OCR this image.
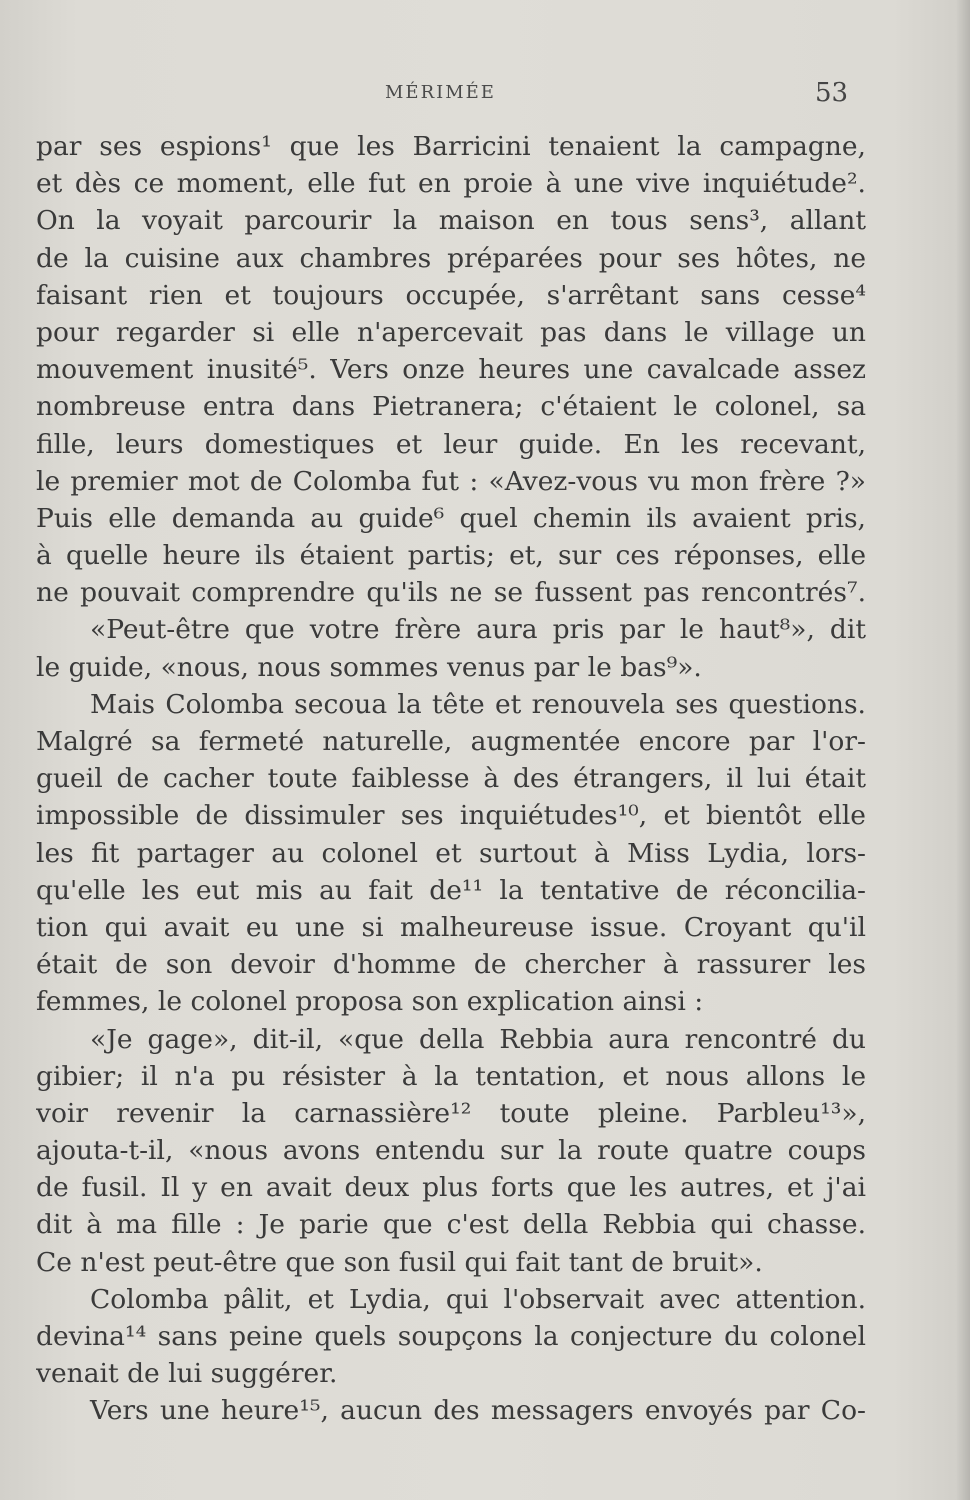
MÉRIMÉE	53
par ses espions¹ que les Barricini tenaient la campagne,
et dès ce moment, elle fut en proie à une vive inquiétude².
On la voyait parcourir la maison en tous sens³, allant
de la cuisine aux chambres préparées pour ses hôtes, ne
faisant rien et toujours occupée, s'arrêtant sans cesse⁴
pour regarder si elle n'apercevait pas dans le village un
mouvement inusité⁵. Vers onze heures une cavalcade assez
nombreuse entra dans Pietranera; c'étaient le colonel, sa
fille, leurs domestiques et leur guide. En les recevant,
le premier mot de Colomba fut : «Avez-vous vu mon frère ?»
Puis elle demanda au guide⁶ quel chemin ils avaient pris,
à quelle heure ils étaient partis; et, sur ces réponses, elle
ne pouvait comprendre qu'ils ne se fussent pas rencontrés⁷.
«Peut-être que votre frère aura pris par le haut⁸», dit
le guide, «nous, nous sommes venus par le bas⁹».
Mais Colomba secoua la tête et renouvela ses questions.
Malgré sa fermeté naturelle, augmentée encore par l'or-
gueil de cacher toute faiblesse à des étrangers, il lui était
impossible de dissimuler ses inquiétudes¹⁰, et bientôt elle
les fit partager au colonel et surtout à Miss Lydia, lors-
qu'elle les eut mis au fait de¹¹ la tentative de réconcilia-
tion qui avait eu une si malheureuse issue. Croyant qu'il
était de son devoir d'homme de chercher à rassurer les
femmes, le colonel proposa son explication ainsi :
«Je gage», dit-il, «que della Rebbia aura rencontré du
gibier; il n'a pu résister à la tentation, et nous allons le
voir revenir la carnassière¹² toute pleine. Parbleu¹³»,
ajouta-t-il, «nous avons entendu sur la route quatre coups
de fusil. Il y en avait deux plus forts que les autres, et j'ai
dit à ma fille : Je parie que c'est della Rebbia qui chasse.
Ce n'est peut-être que son fusil qui fait tant de bruit».
Colomba pâlit, et Lydia, qui l'observait avec attention.
devina¹⁴ sans peine quels soupçons la conjecture du colonel
venait de lui suggérer.
Vers une heure¹⁵, aucun des messagers envoyés par Co-
